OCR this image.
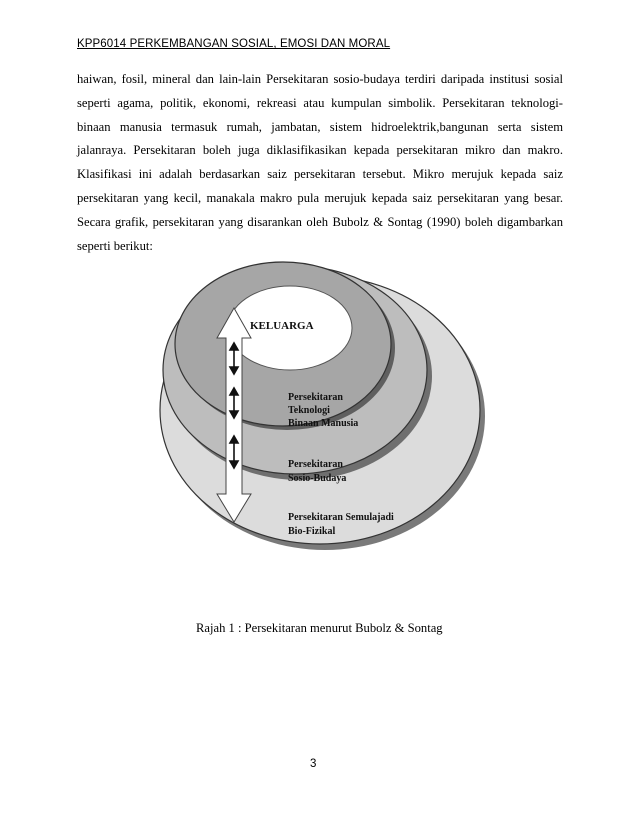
KPP6014 PERKEMBANGAN SOSIAL, EMOSI DAN MORAL

haiwan, fosil, mineral dan lain-lain Persekitaran sosio-budaya terdiri daripada institusi sosial seperti agama, politik, ekonomi, rekreasi atau kumpulan simbolik. Persekitaran teknologi-binaan manusia termasuk rumah, jambatan, sistem hidroelektrik,bangunan serta sistem jalanraya. Persekitaran boleh juga diklasifikasikan kepada persekitaran mikro dan makro. Klasifikasi ini adalah berdasarkan saiz persekitaran tersebut. Mikro merujuk kepada saiz persekitaran yang kecil, manakala makro pula merujuk kepada saiz persekitaran yang besar. Secara grafik, persekitaran yang disarankan oleh Bubolz & Sontag (1990) boleh digambarkan seperti berikut:

KELUARGA
Persekitaran
Teknologi
Binaan Manusia
Persekitaran
Sosio-Budaya
Persekitaran Semulajadi
Bio-Fizikal
Rajah 1 : Persekitaran menurut Bubolz & Sontag
3
